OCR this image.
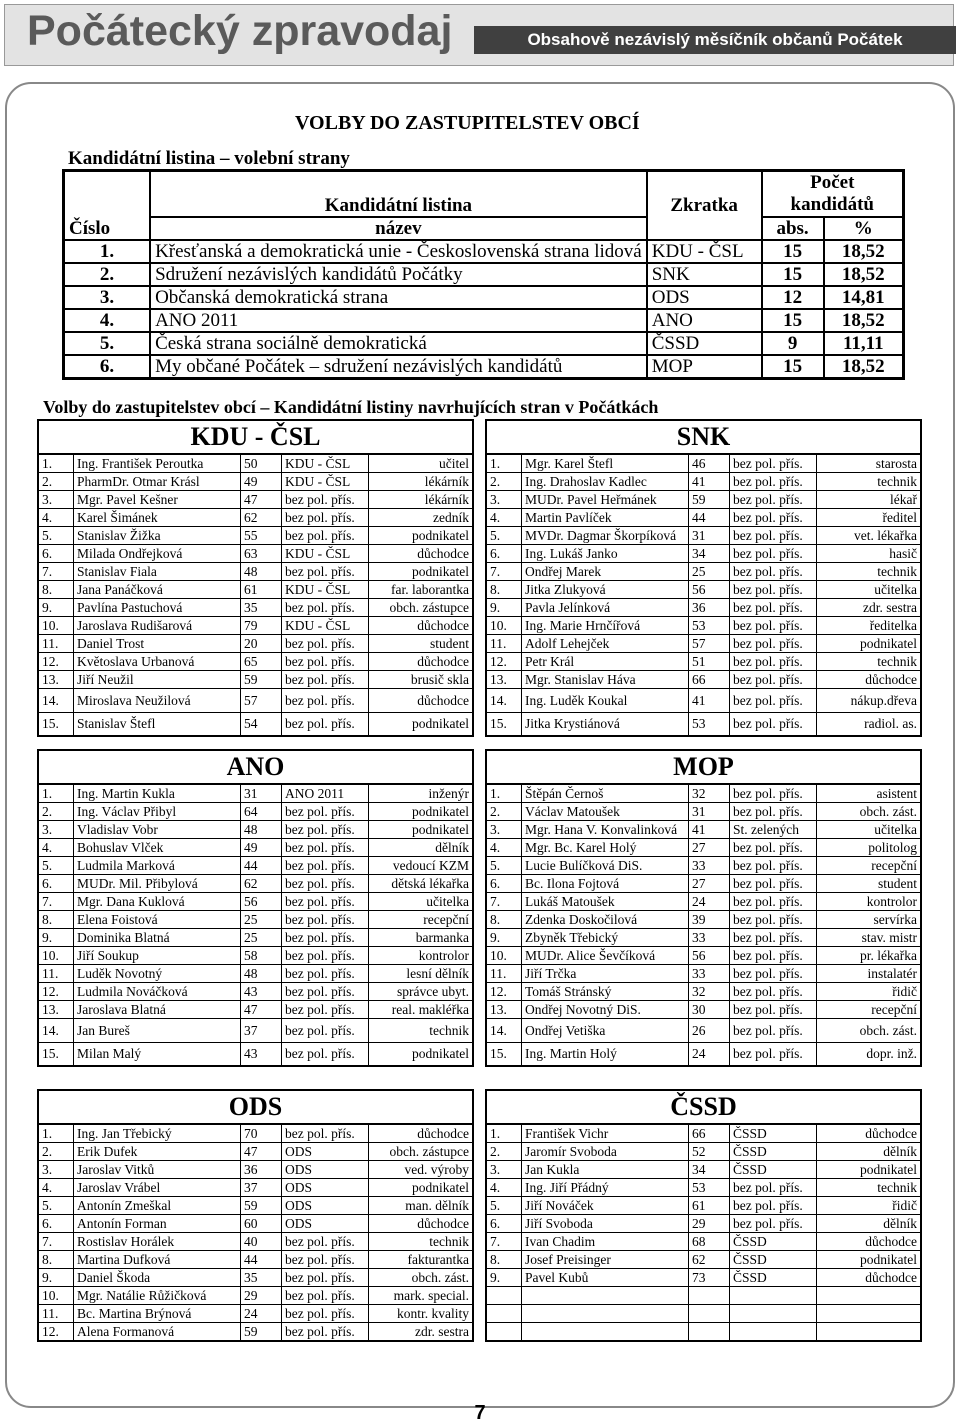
Počátecký zpravodaj	Obsahově nezávislý měsíčník občanů Počátek
VOLBY DO ZASTUPITELSTEV OBCÍ
Kandidátní listina – volební strany
Číslo	Kandidátní listina	Zkratka	Počet
kandidátů	
	název		abs.	%
1.	Křesťanská a demokratická unie - Československá strana lidová	KDU - ČSL	15	18,52
2.	Sdružení nezávislých kandidátů Počátky	SNK	15	18,52
3.	Občanská demokratická strana	ODS	12	14,81
4.	ANO 2011	ANO	15	18,52
5.	Česká strana sociálně demokratická	ČSSD	9	11,11
6.	My občané Počátek – sdružení nezávislých kandidátů	MOP	15	18,52
Volby do zastupitelstev obcí – Kandidátní listiny navrhujících stran v Počátkách
KDU - ČSL
1.	Ing. František Peroutka	50	KDU - ČSL	učitel
2.	PharmDr. Otmar Krásl	49	KDU - ČSL	lékárník
3.	Mgr. Pavel Kešner	47	bez pol. přís.	lékárník
4.	Karel Šimánek	62	bez pol. přís.	zedník
5.	Stanislav Žižka	55	bez pol. přís.	podnikatel
6.	Milada Ondřejková	63	KDU - ČSL	důchodce
7.	Stanislav Fiala	48	bez pol. přís.	podnikatel
8.	Jana Panáčková	61	KDU - ČSL	far. laborantka
9.	Pavlína Pastuchová	35	bez pol. přís.	obch. zástupce
10.	Jaroslava Rudišarová	79	KDU - ČSL	důchodce
11.	Daniel Trost	20	bez pol. přís.	student
12.	Květoslava Urbanová	65	bez pol. přís.	důchodce
13.	Jiří Neužil	59	bez pol. přís.	brusič skla
14.	Miroslava Neužilová	57	bez pol. přís.	důchodce
15.	Stanislav Štefl	54	bez pol. přís.	podnikatel
SNK
1.	Mgr. Karel Štefl	46	bez pol. přís.	starosta
2.	Ing. Drahoslav Kadlec	41	bez pol. přís.	technik
3.	MUDr. Pavel Heřmánek	59	bez pol. přís.	lékař
4.	Martin Pavlíček	44	bez pol. přís.	ředitel
5.	MVDr. Dagmar Škorpíková	31	bez pol. přís.	vet. lékařka
6.	Ing. Lukáš Janko	34	bez pol. přís.	hasič
7.	Ondřej Marek	25	bez pol. přís.	technik
8.	Jitka Zlukyová	56	bez pol. přís.	učitelka
9.	Pavla Jelínková	36	bez pol. přís.	zdr. sestra
10.	Ing. Marie Hrnčířová	53	bez pol. přís.	ředitelka
11.	Adolf Lehejček	57	bez pol. přís.	podnikatel
12.	Petr Král	51	bez pol. přís.	technik
13.	Mgr. Stanislav Háva	66	bez pol. přís.	důchodce
14.	Ing. Luděk Koukal	41	bez pol. přís.	nákup.dřeva
15.	Jitka Krystiánová	53	bez pol. přís.	radiol. as.
ANO
1.	Ing. Martin Kukla	31	ANO 2011	inženýr
2.	Ing. Václav Přibyl	64	bez pol. přís.	podnikatel
3.	Vladislav Vobr	48	bez pol. přís.	podnikatel
4.	Bohuslav Vlček	49	bez pol. přís.	dělník
5.	Ludmila Marková	44	bez pol. přís.	vedoucí KZM
6.	MUDr. Mil. Přibylová	62	bez pol. přís.	dětská lékařka
7.	Mgr. Dana Kuklová	56	bez pol. přís.	učitelka
8.	Elena Foistová	25	bez pol. přís.	recepční
9.	Dominika Blatná	25	bez pol. přís.	barmanka
10.	Jiří Soukup	58	bez pol. přís.	kontrolor
11.	Luděk Novotný	48	bez pol. přís.	lesní dělník
12.	Ludmila Nováčková	43	bez pol. přís.	správce ubyt.
13.	Jaroslava Blatná	47	bez pol. přís.	real. makléřka
14.	Jan Bureš	37	bez pol. přís.	technik
15.	Milan Malý	43	bez pol. přís.	podnikatel
MOP
1.	Štěpán Černoš	32	bez pol. přís.	asistent
2.	Václav Matoušek	31	bez pol. přís.	obch. zást.
3.	Mgr. Hana V. Konvalinková	41	St. zelených	učitelka
4.	Mgr. Bc. Karel Holý	27	bez pol. přís.	politolog
5.	Lucie Bulíčková DiS.	33	bez pol. přís.	recepční
6.	Bc. Ilona Fojtová	27	bez pol. přís.	student
7.	Lukáš Matoušek	24	bez pol. přís.	kontrolor
8.	Zdenka Doskočilová	39	bez pol. přís.	servírka
9.	Zbyněk Třebický	33	bez pol. přís.	stav. mistr
10.	MUDr. Alice Ševčíková	56	bez pol. přís.	pr. lékařka
11.	Jiří Trčka	33	bez pol. přís.	instalatér
12.	Tomáš Stránský	32	bez pol. přís.	řidič
13.	Ondřej Novotný DiS.	30	bez pol. přís.	recepční
14.	Ondřej Vetiška	26	bez pol. přís.	obch. zást.
15.	Ing. Martin Holý	24	bez pol. přís.	dopr. inž.
ODS
1.	Ing. Jan Třebický	70	bez pol. přís.	důchodce
2.	Erik Dufek	47	ODS	obch. zástupce
3.	Jaroslav Vitků	36	ODS	ved. výroby
4.	Jaroslav Vrábel	37	ODS	podnikatel
5.	Antonín Zmeškal	59	ODS	man. dělník
6.	Antonín Forman	60	ODS	důchodce
7.	Rostislav Horálek	40	bez pol. přís.	technik
8.	Martina Dufková	44	bez pol. přís.	fakturantka
9.	Daniel Škoda	35	bez pol. přís.	obch. zást.
10.	Mgr. Natálie Růžičková	29	bez pol. přís.	mark. special.
11.	Bc. Martina Brýnová	24	bez pol. přís.	kontr. kvality
12.	Alena Formanová	59	bez pol. přís.	zdr. sestra
ČSSD
1.	František Vichr	66	ČSSD	důchodce
2.	Jaromír Svoboda	52	ČSSD	dělník
3.	Jan Kukla	34	ČSSD	podnikatel
4.	Ing. Jiří Přádný	53	bez pol. přís.	technik
5.	Jiří Nováček	61	bez pol. přís.	řidič
6.	Jiří Svoboda	29	bez pol. přís.	dělník
7.	Ivan Chadim	68	ČSSD	důchodce
8.	Josef Preisinger	62	ČSSD	podnikatel
9.	Pavel Kubů	73	ČSSD	důchodce

7
